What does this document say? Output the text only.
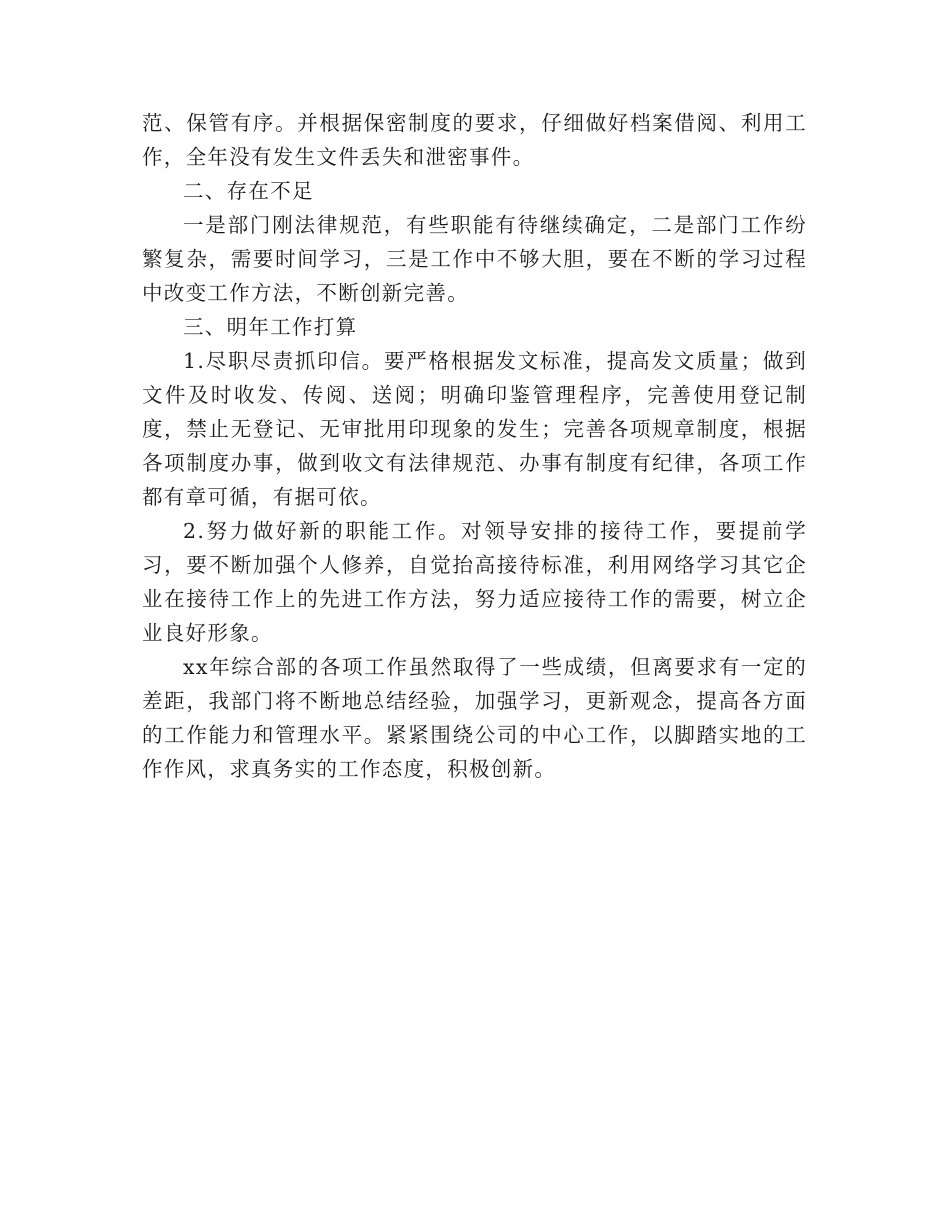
范、保管有序。并根据保密制度的要求，仔细做好档案借阅、利用工作，全年没有发生文件丢失和泄密事件。

二、存在不足

一是部门刚法律规范，有些职能有待继续确定，二是部门工作纷繁复杂，需要时间学习，三是工作中不够大胆，要在不断的学习过程中改变工作方法，不断创新完善。

三、明年工作打算

1.尽职尽责抓印信。要严格根据发文标准，提高发文质量；做到文件及时收发、传阅、送阅；明确印鉴管理程序，完善使用登记制度，禁止无登记、无审批用印现象的发生；完善各项规章制度，根据各项制度办事，做到收文有法律规范、办事有制度有纪律，各项工作都有章可循，有据可依。

2.努力做好新的职能工作。对领导安排的接待工作，要提前学习，要不断加强个人修养，自觉抬高接待标准，利用网络学习其它企业在接待工作上的先进工作方法，努力适应接待工作的需要，树立企业良好形象。

xx年综合部的各项工作虽然取得了一些成绩，但离要求有一定的差距，我部门将不断地总结经验，加强学习，更新观念，提高各方面的工作能力和管理水平。紧紧围绕公司的中心工作，以脚踏实地的工作作风，求真务实的工作态度，积极创新。
